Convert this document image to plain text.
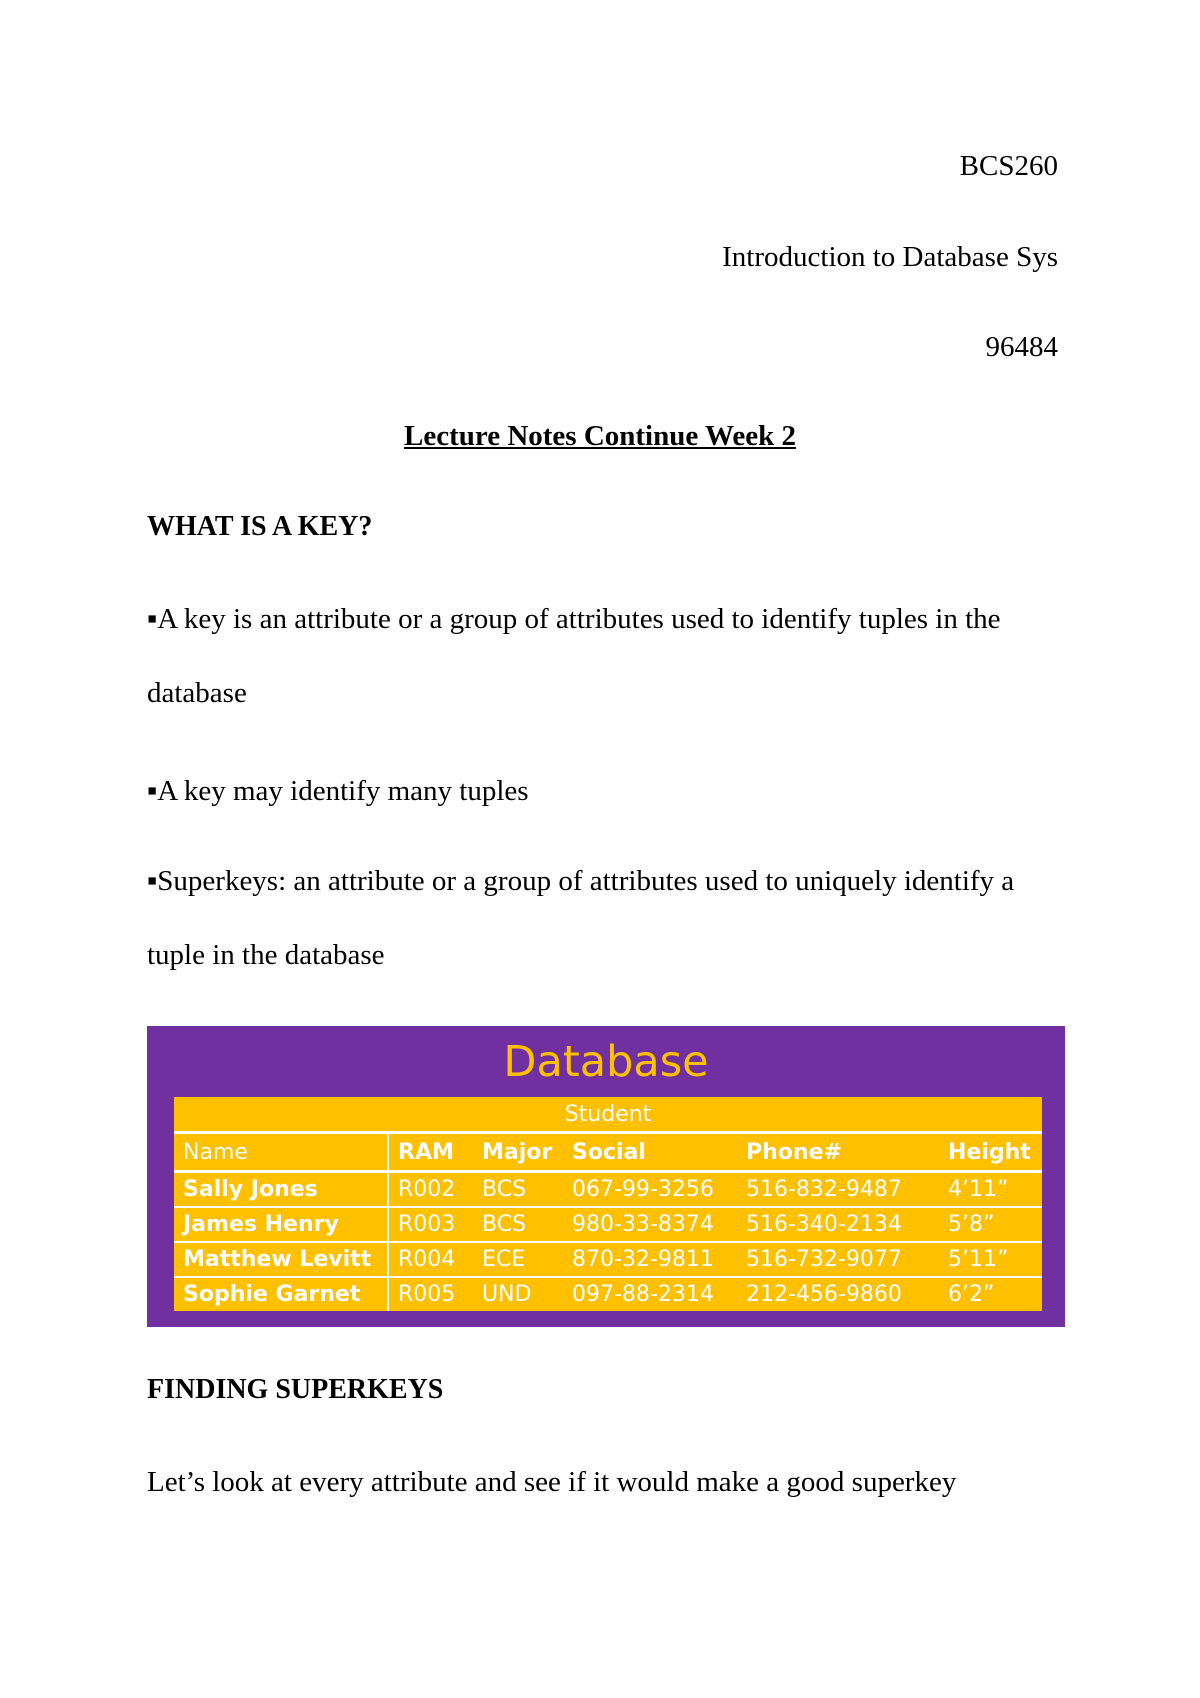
BCS260
Introduction to Database Sys
96484
Lecture Notes Continue Week 2
WHAT IS A KEY?
▪A key is an attribute or a group of attributes used to identify tuples in the database
▪A key may identify many tuples
▪Superkeys: an attribute or a group of attributes used to uniquely identify a tuple in the database
Database
Student					
Name	RAM	Major	Social	Phone#	Height
Sally Jones	R002	BCS	067-99-3256	516-832-9487	4’11”
James Henry	R003	BCS	980-33-8374	516-340-2134	5’8”
Matthew Levitt	R004	ECE	870-32-9811	516-732-9077	5’11”
Sophie Garnet	R005	UND	097-88-2314	212-456-9860	6’2”
FINDING SUPERKEYS
Let’s look at every attribute and see if it would make a good superkey
